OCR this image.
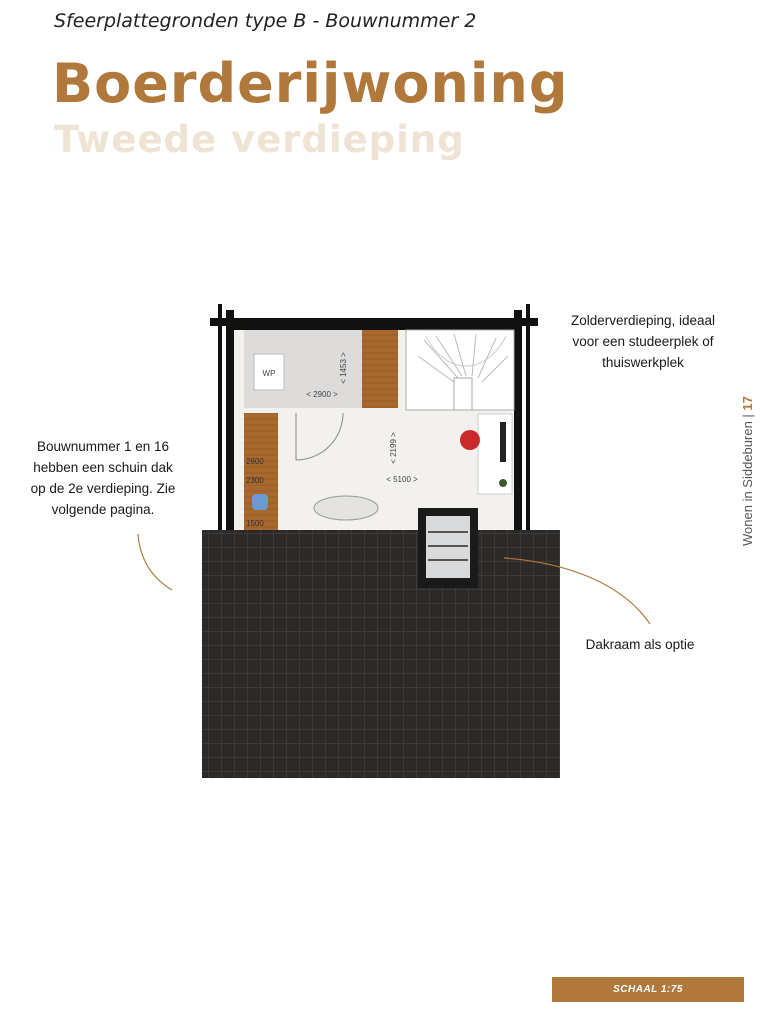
Sfeerplattegronden type B - Bouwnummer 2
Boerderijwoning
Tweede verdieping
WP
< 2900 >
< 1453 >
< 2199 >
< 5100 >
2600
2300
1500
Bouwnummer 1 en 16
hebben een schuin dak
op de 2e verdieping. Zie
volgende pagina.
Zolderverdieping, ideaal
voor een studeerplek of
thuiswerkplek
Dakraam als optie
Wonen in Siddeburen | 17
SCHAAL 1:75
